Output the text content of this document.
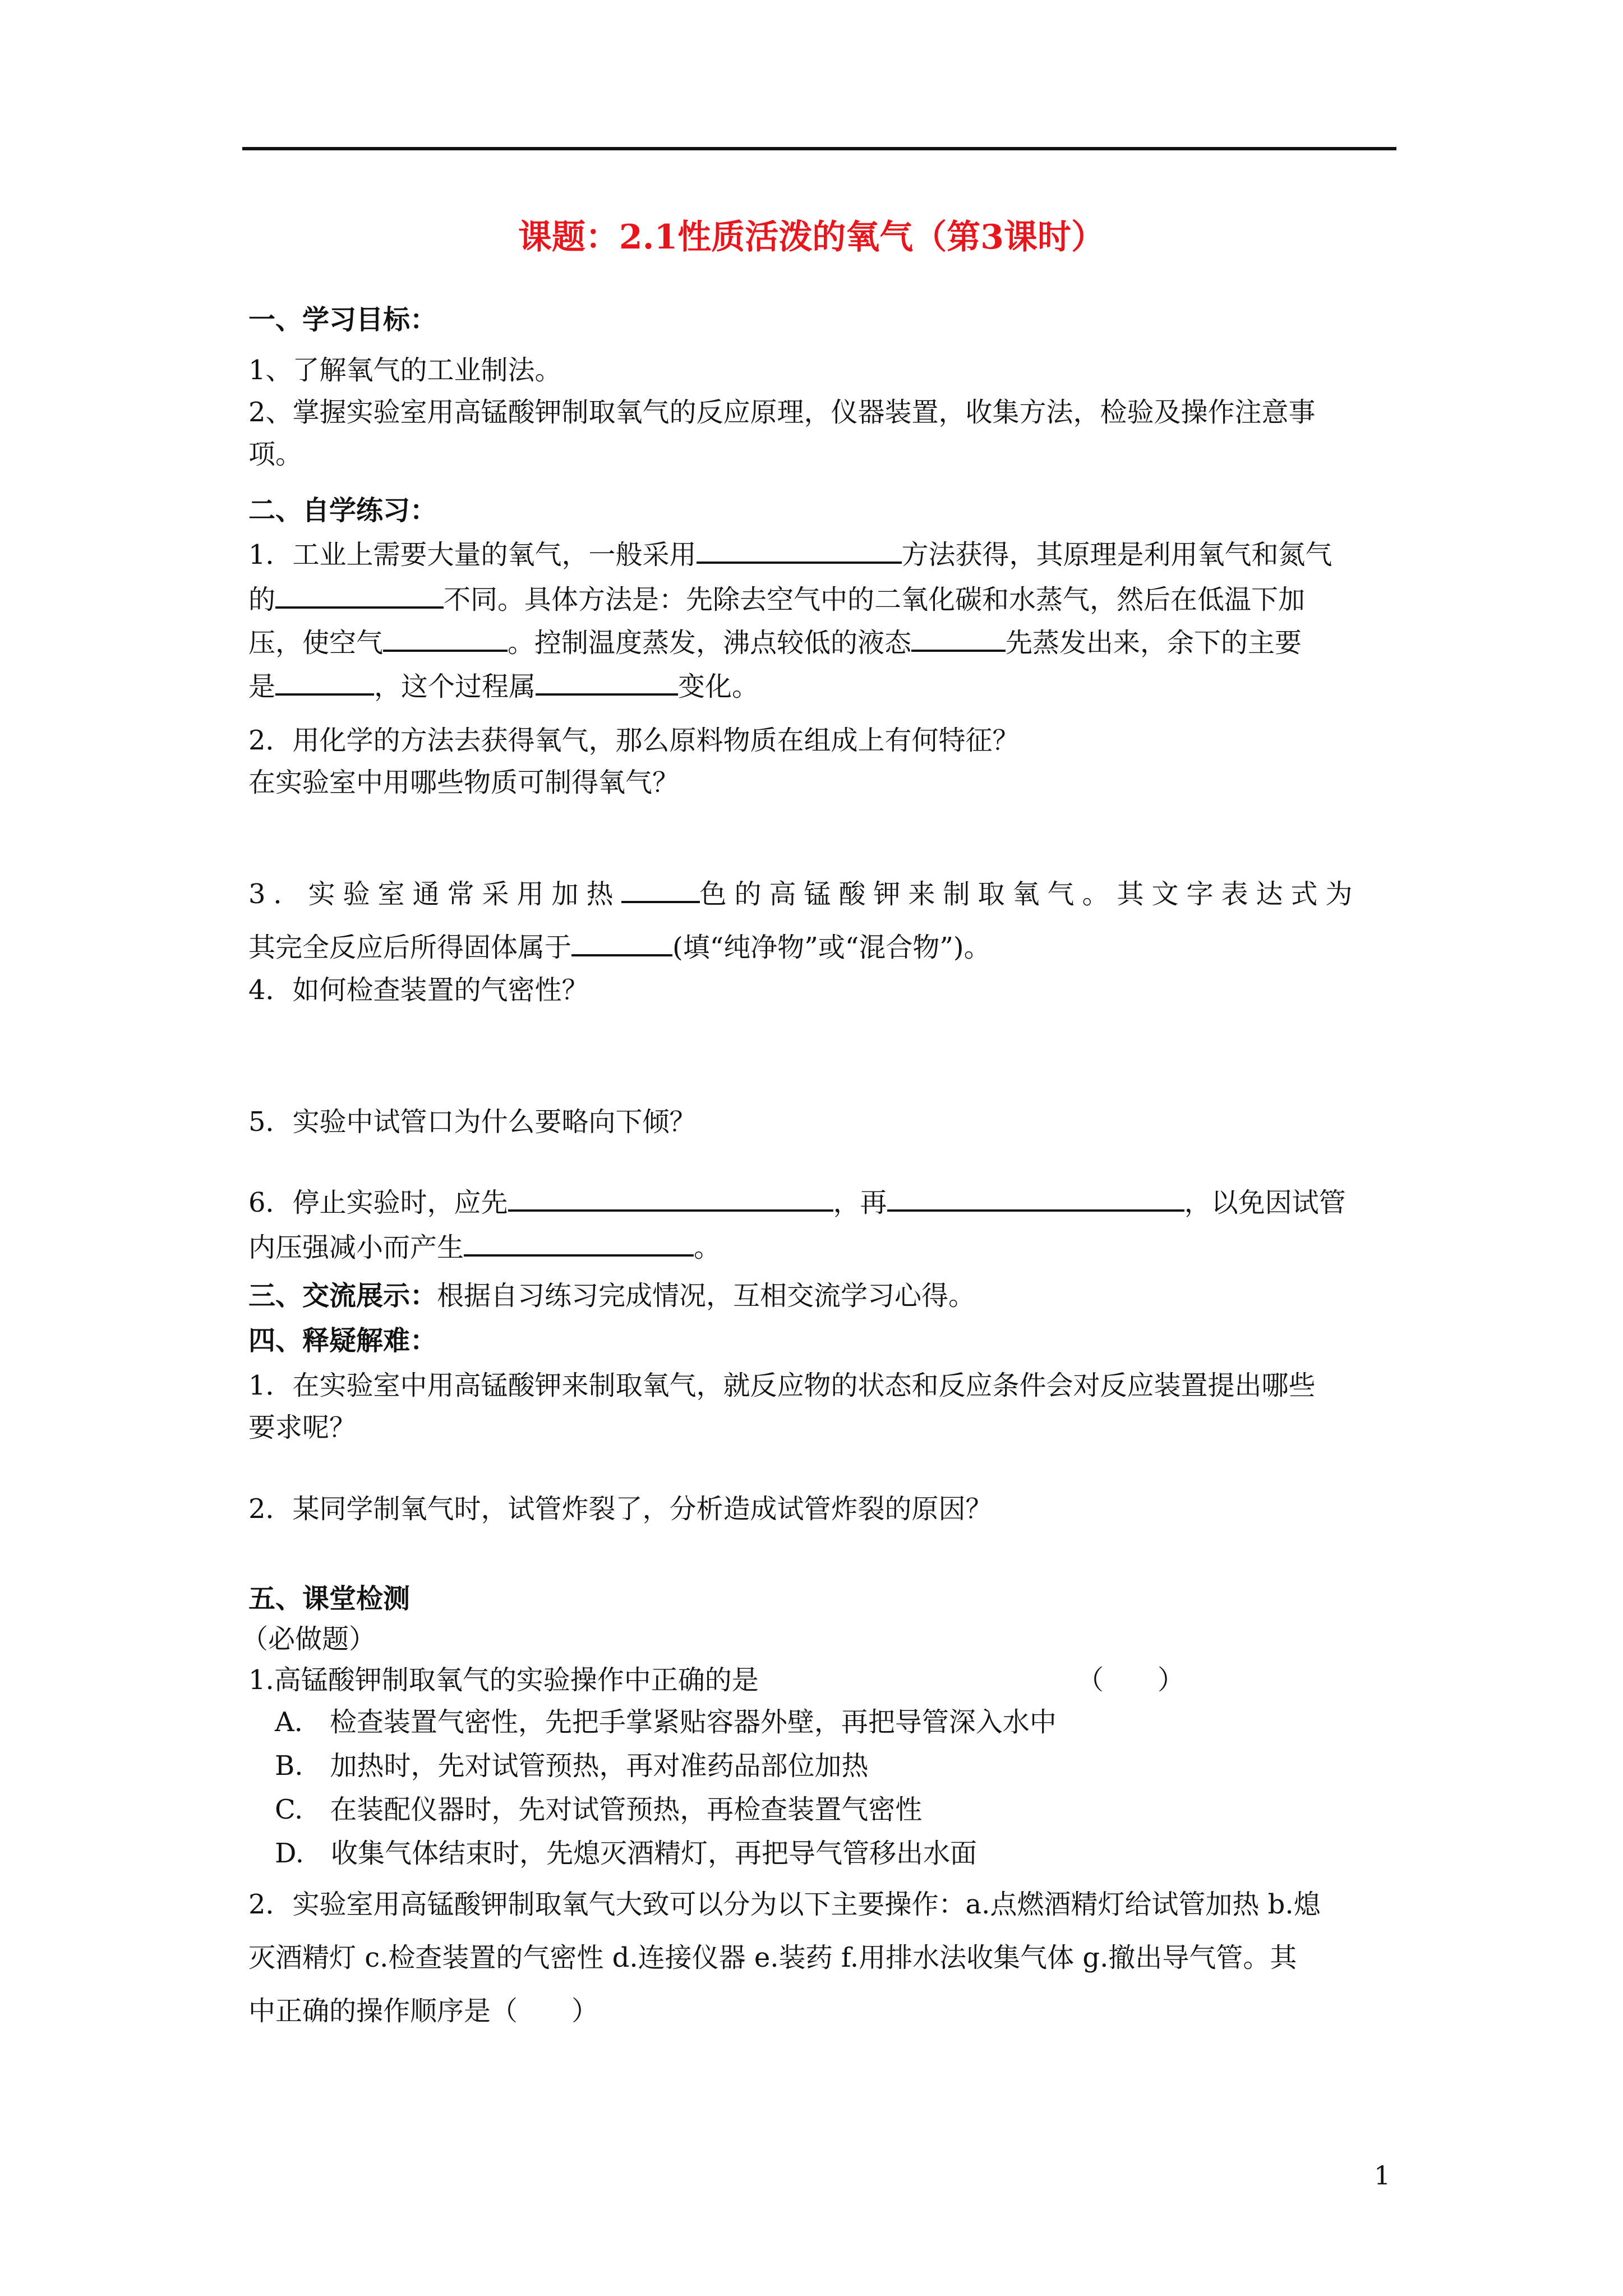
课题：2.1性质活泼的氧气（第3课时）
一、学习目标：
1、了解氧气的工业制法。
2、掌握实验室用高锰酸钾制取氧气的反应原理，仪器装置，收集方法，检验及操作注意事
项。
二、自学练习：
1．工业上需要大量的氧气，一般采用	方法获得，其原理是利用氧气和氮气
的	不同。具体方法是：先除去空气中的二氧化碳和水蒸气，然后在低温下加
压，使空气	。控制温度蒸发，沸点较低的液态	先蒸发出来，余下的主要
是	，这个过程属	变化。
2．用化学的方法去获得氧气，那么原料物质在组成上有何特征？
在实验室中用哪些物质可制得氧气？
3．实验室通常采用加热	色的高锰酸钾来制取氧气。其文字表达式为
其完全反应后所得固体属于	(填“纯净物”或“混合物”)。
4．如何检查装置的气密性？
5．实验中试管口为什么要略向下倾？
6．停止实验时，应先	，再	，以免因试管
内压强减小而产生	。
三、交流展示：根据自习练习完成情况，互相交流学习心得。
四、释疑解难：
1．在实验室中用高锰酸钾来制取氧气，就反应物的状态和反应条件会对反应装置提出哪些
要求呢？
2．某同学制氧气时，试管炸裂了，分析造成试管炸裂的原因？
五、课堂检测
（必做题）
1.高锰酸钾制取氧气的实验操作中正确的是	（　　）
A.　检查装置气密性，先把手掌紧贴容器外壁，再把导管深入水中
B.　加热时，先对试管预热，再对准药品部位加热
C.　在装配仪器时，先对试管预热，再检查装置气密性
D.　收集气体结束时，先熄灭酒精灯，再把导气管移出水面
2．实验室用高锰酸钾制取氧气大致可以分为以下主要操作：a.点燃酒精灯给试管加热 b.熄
灭酒精灯 c.检查装置的气密性 d.连接仪器 e.装药 f.用排水法收集气体 g.撤出导气管。其
中正确的操作顺序是（　　）
1
